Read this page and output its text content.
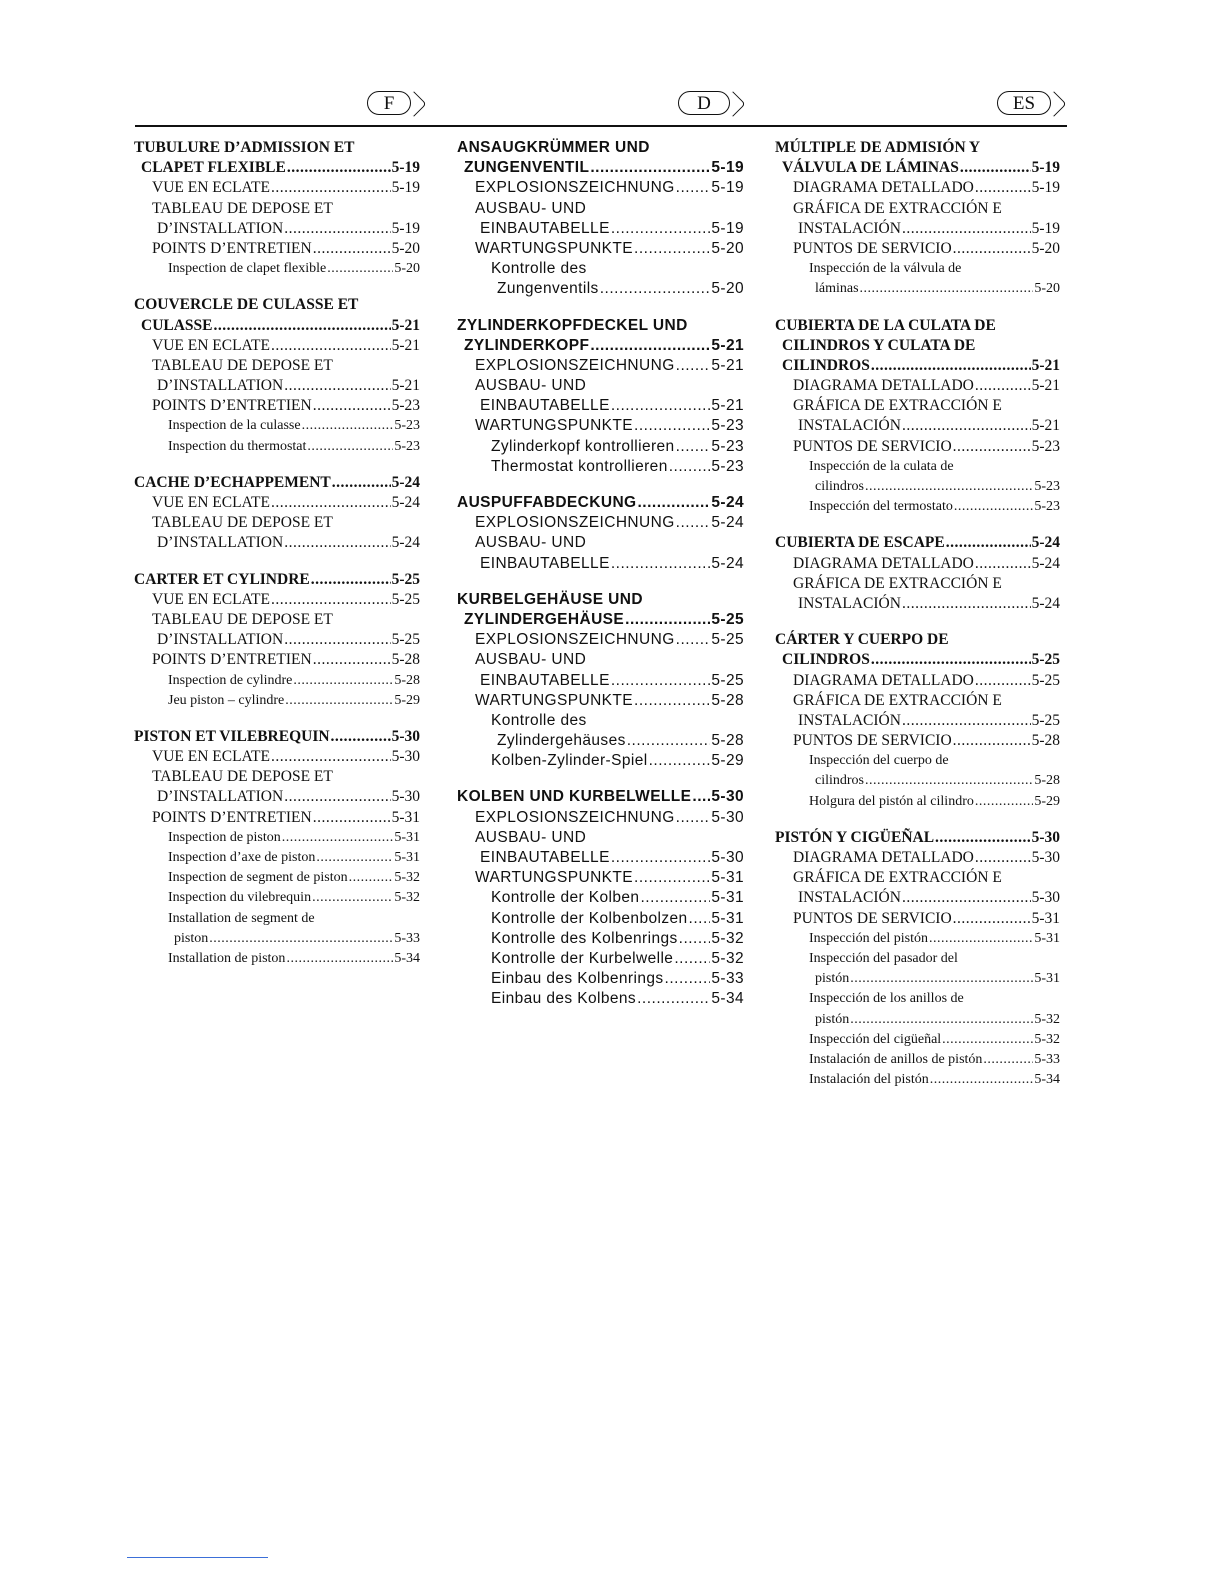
F	D	ES
TUBULURE D’ADMISSION ET
CLAPET FLEXIBLE .....	5-19
VUE EN ECLATE .....	5-19
TABLEAU DE DEPOSE ET
D’INSTALLATION .....	5-19
POINTS D’ENTRETIEN .....	5-20
Inspection de clapet flexible .....	5-20
COUVERCLE DE CULASSE ET
CULASSE .....	5-21
VUE EN ECLATE .....	5-21
TABLEAU DE DEPOSE ET
D’INSTALLATION .....	5-21
POINTS D’ENTRETIEN .....	5-23
Inspection de la culasse .....	5-23
Inspection du thermostat .....	5-23
CACHE D’ECHAPPEMENT .....	5-24
VUE EN ECLATE .....	5-24
TABLEAU DE DEPOSE ET
D’INSTALLATION .....	5-24
CARTER ET CYLINDRE .....	5-25
VUE EN ECLATE .....	5-25
TABLEAU DE DEPOSE ET
D’INSTALLATION .....	5-25
POINTS D’ENTRETIEN .....	5-28
Inspection de cylindre .....	5-28
Jeu piston – cylindre .....	5-29
PISTON ET VILEBREQUIN .....	5-30
VUE EN ECLATE .....	5-30
TABLEAU DE DEPOSE ET
D’INSTALLATION .....	5-30
POINTS D’ENTRETIEN .....	5-31
Inspection de piston .....	5-31
Inspection d’axe de piston .....	5-31
Inspection de segment de piston .....	5-32
Inspection du vilebrequin .....	5-32
Installation de segment de
piston .....	5-33
Installation de piston .....	5-34
ANSAUGKRÜMMER UND
ZUNGENVENTIL .....	5-19
EXPLOSIONSZEICHNUNG ..... 5-19
AUSBAU- UND
EINBAUTABELLE .....	5-19
WARTUNGSPUNKTE .....	5-20
Kontrolle des
Zungenventils .....	5-20
ZYLINDERKOPFDECKEL UND
ZYLINDERKOPF .....	5-21
EXPLOSIONSZEICHNUNG ..... 5-21
AUSBAU- UND
EINBAUTABELLE .....	5-21
WARTUNGSPUNKTE .....	5-23
Zylinderkopf kontrollieren ..... 5-23
Thermostat kontrollieren .....	5-23
AUSPUFFABDECKUNG .....	5-24
EXPLOSIONSZEICHNUNG ..... 5-24
AUSBAU- UND
EINBAUTABELLE .....	5-24
KURBELGEHÄUSE UND
ZYLINDERGEHÄUSE .....	5-25
EXPLOSIONSZEICHNUNG ..... 5-25
AUSBAU- UND
EINBAUTABELLE .....	5-25
WARTUNGSPUNKTE .....	5-28
Kontrolle des
Zylindergehäuses .....	5-28
Kolben-Zylinder-Spiel .....	5-29
KOLBEN UND KURBELWELLE ..... 5-30
EXPLOSIONSZEICHNUNG ..... 5-30
AUSBAU- UND
EINBAUTABELLE .....	5-30
WARTUNGSPUNKTE .....	5-31
Kontrolle der Kolben .....	5-31
Kontrolle der Kolbenbolzen ..... 5-31
Kontrolle des Kolbenrings ..... 5-32
Kontrolle der Kurbelwelle ..... 5-32
Einbau des Kolbenrings .....	5-33
Einbau des Kolbens .....	5-34
MÚLTIPLE DE ADMISIÓN Y
VÁLVULA DE LÁMINAS .....	5-19
DIAGRAMA DETALLADO .....	5-19
GRÁFICA DE EXTRACCIÓN E
INSTALACIÓN .....	5-19
PUNTOS DE SERVICIO .....	5-20
Inspección de la válvula de
láminas .....	5-20
CUBIERTA DE LA CULATA DE
CILINDROS Y CULATA DE
CILINDROS .....	5-21
DIAGRAMA DETALLADO .....	5-21
GRÁFICA DE EXTRACCIÓN E
INSTALACIÓN .....	5-21
PUNTOS DE SERVICIO .....	5-23
Inspección de la culata de
cilindros .....	5-23
Inspección del termostato .....	5-23
CUBIERTA DE ESCAPE .....	5-24
DIAGRAMA DETALLADO .....	5-24
GRÁFICA DE EXTRACCIÓN E
INSTALACIÓN .....	5-24
CÁRTER Y CUERPO DE
CILINDROS .....	5-25
DIAGRAMA DETALLADO .....	5-25
GRÁFICA DE EXTRACCIÓN E
INSTALACIÓN .....	5-25
PUNTOS DE SERVICIO .....	5-28
Inspección del cuerpo de
cilindros .....	5-28
Holgura del pistón al cilindro .....	5-29
PISTÓN Y CIGÜEÑAL .....	5-30
DIAGRAMA DETALLADO .....	5-30
GRÁFICA DE EXTRACCIÓN E
INSTALACIÓN .....	5-30
PUNTOS DE SERVICIO .....	5-31
Inspección del pistón .....	5-31
Inspección del pasador del
pistón .....	5-31
Inspección de los anillos de
pistón .....	5-32
Inspección del cigüeñal .....	5-32
Instalación de anillos de pistón .....	5-33
Instalación del pistón .....	5-34
